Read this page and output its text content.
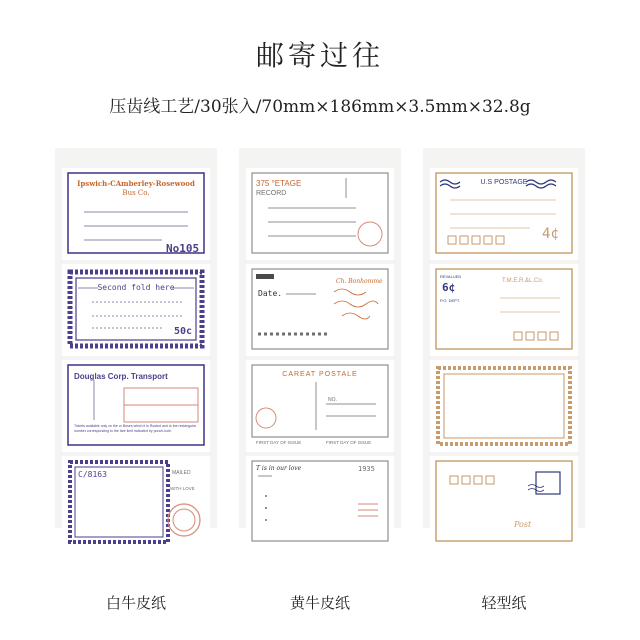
邮寄过往
压齿线工艺/30张入/70mm×186mm×3.5mm×32.8g
Ipswich-CAmberley-Rosewood
Bus Co.
No105
Second fold here
50c
Douglas Corp. Transport
Tickets available only on the or Buses which it is Routed and to the rectangular number corresponding to the fare limit indicated by punch-hole.
C/8163	MAILED
WITH LOVE
375 °ETAGE
RECORD
Date.
Ch. Bonhomme
CAREAT POSTALE
NO.
FIRST DAY OF ISSUE	FIRST DAY OF ISSUE
T is in our love	1935
U.S POSTAGE
4¢
REVALUED
6¢
P.O. DEPT.
T.M.E.R.&L.Co.
Post
白牛皮纸	黄牛皮纸	轻型纸
